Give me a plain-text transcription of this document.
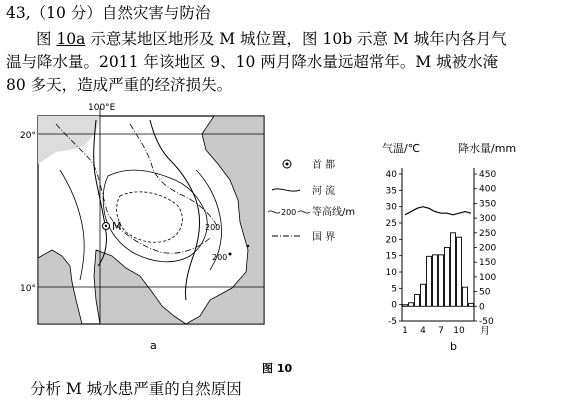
43,（10 分）自然灾害与防治
图 10a 示意某地区地形及 M 城位置，图 10b 示意 M 城年内各月气
温与降水量。2011 年该地区 9、10 两月降水量远超常年。M 城被水淹
80 多天，造成严重的经济损失。
100°E
20°
10°
M	200
200
a
首 都
河 流
200 等高线/m
国 界
-5
0
5
10
15
20
25
30
35
40
-50
0
50
100
150
200
250
300
350
400
450
1 4 7 10
气温/℃	降水量/mm
月
b
图 10
分析 M 城水患严重的自然原因
